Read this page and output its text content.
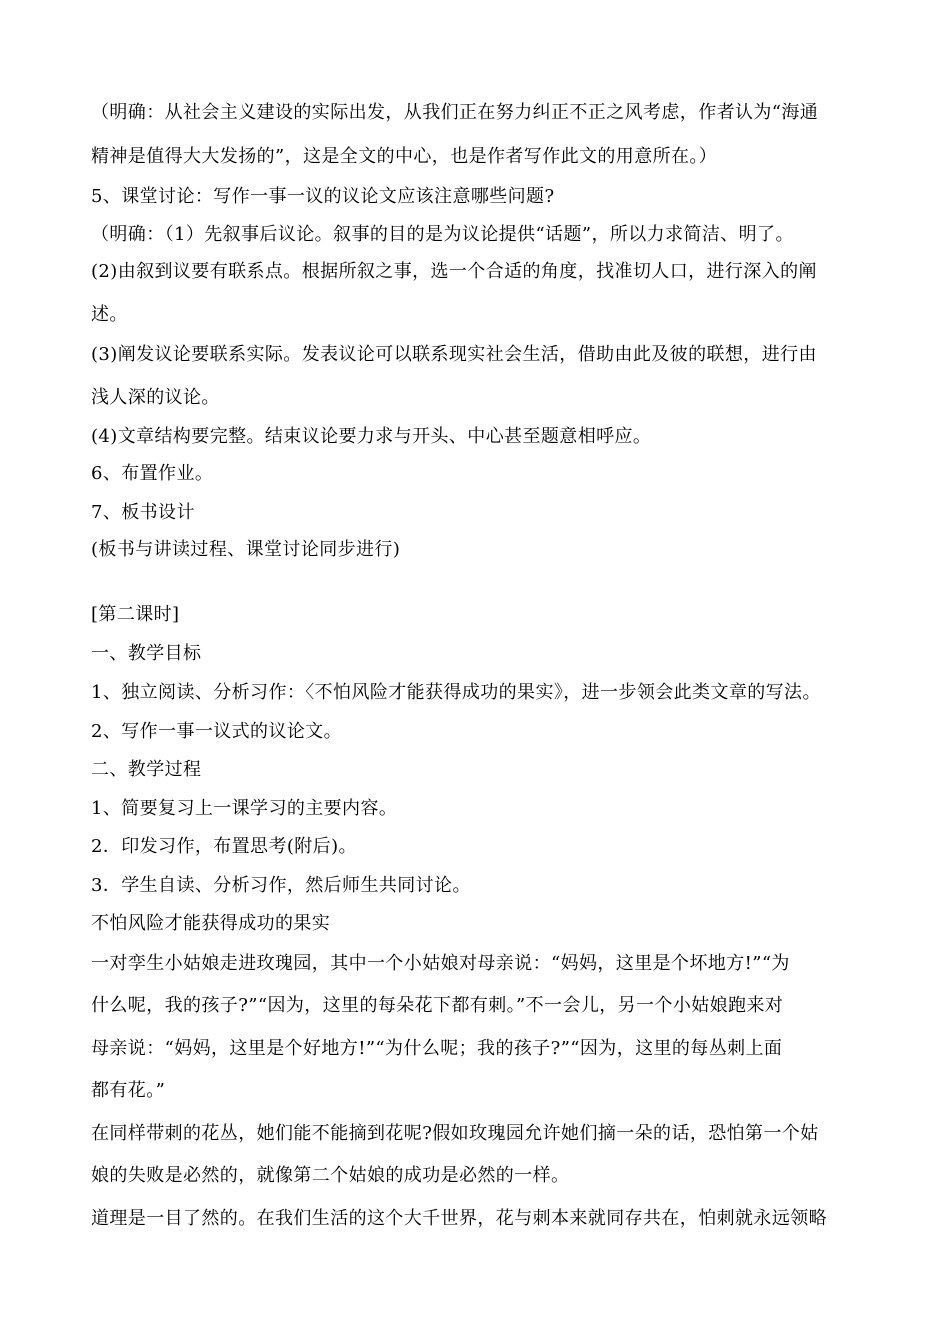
（明确：从社会主义建设的实际出发，从我们正在努力纠正不正之风考虑，作者认为“海通
精神是值得大大发扬的”，这是全文的中心，也是作者写作此文的用意所在。）
5、课堂讨论：写作一事一议的议论文应该注意哪些问题?
（明确：（1）先叙事后议论。叙事的目的是为议论提供“话题”，所以力求简洁、明了。
(2)由叙到议要有联系点。根据所叙之事，选一个合适的角度，找准切人口，进行深入的阐
述。
(3)阐发议论要联系实际。发表议论可以联系现实社会生活，借助由此及彼的联想，进行由
浅人深的议论。
(4)文章结构要完整。结束议论要力求与开头、中心甚至题意相呼应。
6、布置作业。
7、板书设计
(板书与讲读过程、课堂讨论同步进行)
[第二课时]
一、教学目标
1、独立阅读、分析习作：〈不怕风险才能获得成功的果实》，进一步领会此类文章的写法。
2、写作一事一议式的议论文。
二、教学过程
1、简要复习上一课学习的主要内容。
2．印发习作，布置思考(附后)。
3．学生自读、分析习作，然后师生共同讨论。
不怕风险才能获得成功的果实
一对孪生小姑娘走进玫瑰园，其中一个小姑娘对母亲说：“妈妈，这里是个坏地方!”“为
什么呢，我的孩子?”“因为，这里的每朵花下都有刺。”不一会儿，另一个小姑娘跑来对
母亲说：“妈妈，这里是个好地方!”“为什么呢；我的孩子?”“因为，这里的每丛刺上面
都有花。”
在同样带刺的花丛，她们能不能摘到花呢?假如玫瑰园允许她们摘一朵的话，恐怕第一个姑
娘的失败是必然的，就像第二个姑娘的成功是必然的一样。
道理是一目了然的。在我们生活的这个大千世界，花与刺本来就同存共在，怕刺就永远领略
